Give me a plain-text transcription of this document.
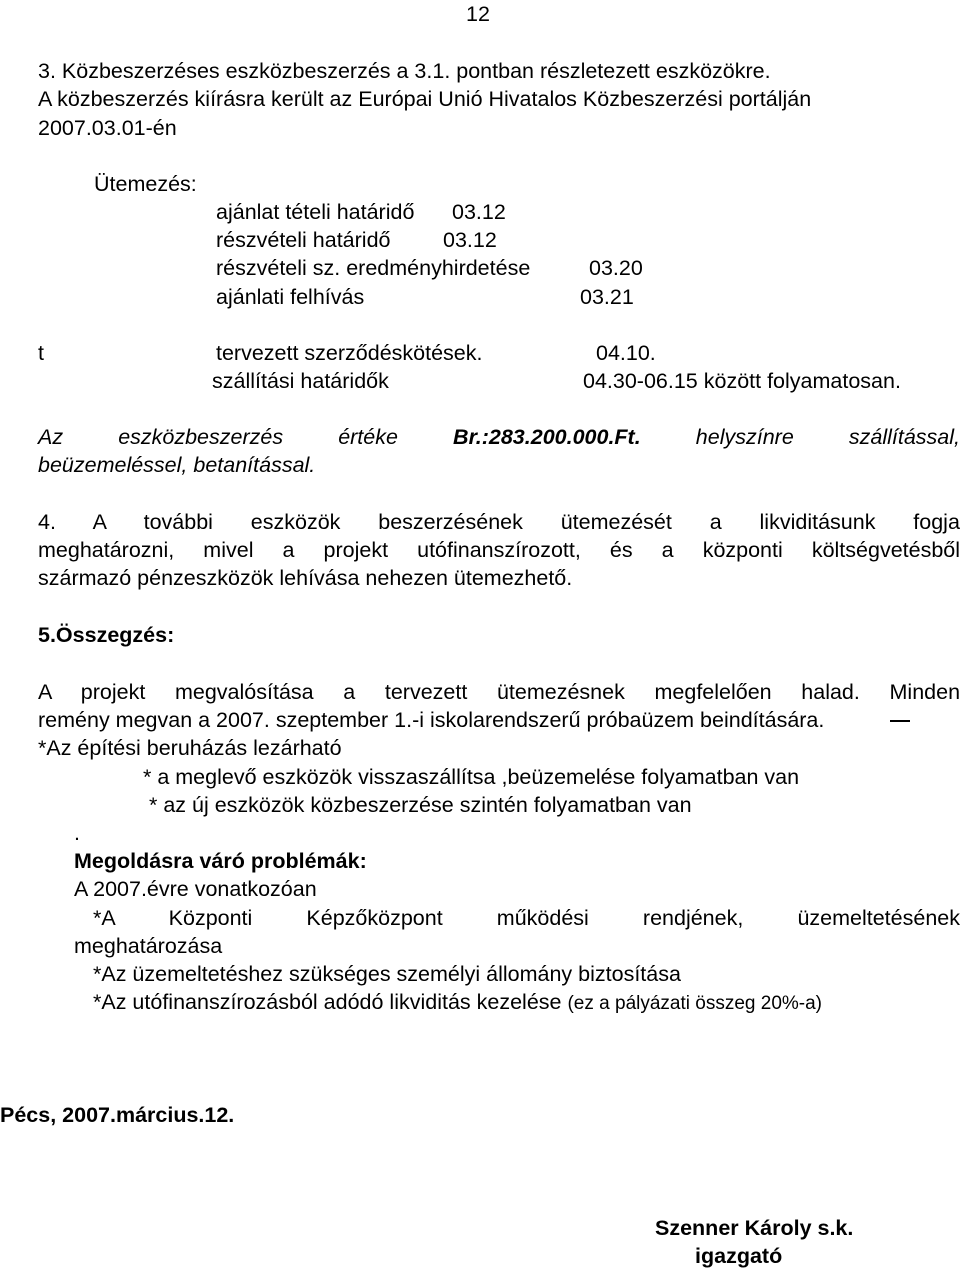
12
3. Közbeszerzéses eszközbeszerzés a 3.1. pontban részletezett eszközökre.
A közbeszerzés kiírásra került az Európai Unió Hivatalos Közbeszerzési portálján
2007.03.01-én
Ütemezés:
ajánlat tételi határidő 03.12
részvételi határidő 03.12
részvételi sz. eredményhirdetése	03.20
ajánlati felhívás	03.21
t	tervezett szerződéskötések.	04.10.
szállítási határidők	04.30-06.15 között folyamatosan.
Az	eszközbeszerzés	értéke	Br.:283.200.000.Ft.	helyszínre	szállítással,
beüzemeléssel, betanítással.
4. A további eszközök beszerzésének ütemezését a likviditásunk fogja
meghatározni, mivel a projekt utófinanszírozott, és a központi költségvetésből
származó pénzeszközök lehívása nehezen ütemezhető.
5.Összegzés:
A projekt megvalósítása a tervezett ütemezésnek megfelelően halad. Minden
remény megvan a 2007. szeptember 1.-i iskolarendszerű próbaüzem beindítására.
*Az építési beruházás lezárható
* a meglevő eszközök visszaszállítsa ,beüzemelése folyamatban van
* az új eszközök közbeszerzése szintén folyamatban van
.
Megoldásra váró problémák:
A 2007.évre vonatkozóan
*A	Központi	Képzőközpont	működési	rendjének,	üzemeltetésének
meghatározása
*Az üzemeltetéshez szükséges személyi állomány biztosítása
*Az utófinanszírozásból adódó likviditás kezelése (ez a pályázati összeg 20%-a)
Pécs, 2007.március.12.
Szenner Károly s.k.
igazgató
